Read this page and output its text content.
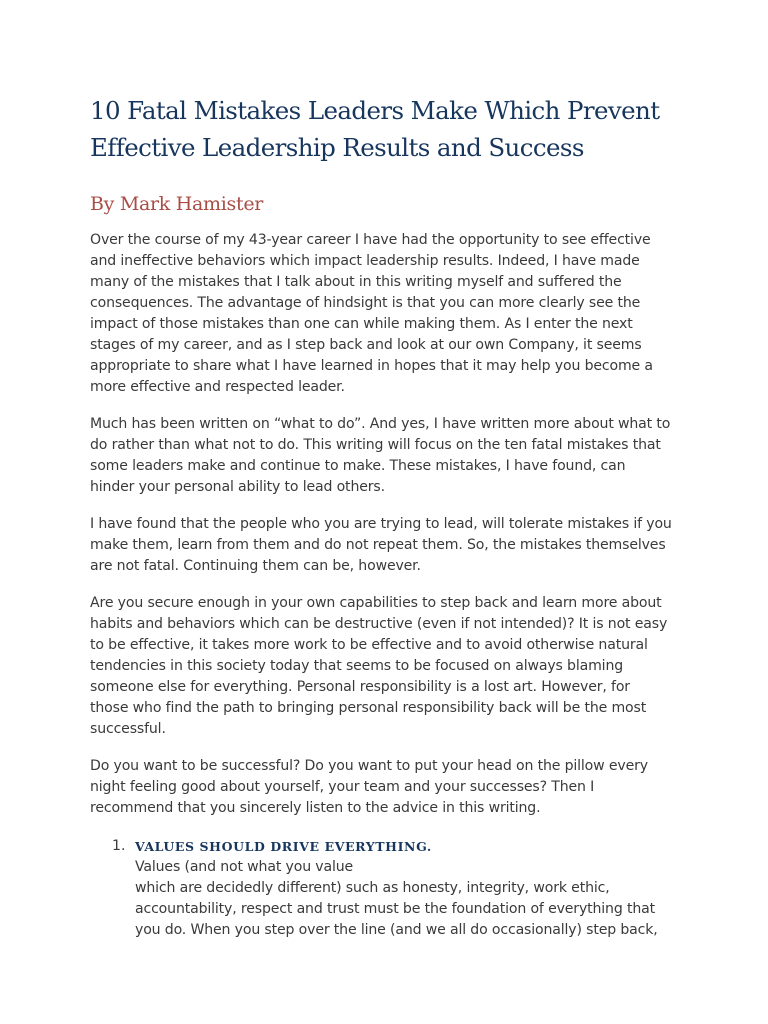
10 Fatal Mistakes Leaders Make Which Prevent
Effective Leadership Results and Success
By Mark Hamister

Over the course of my 43-year career I have had the opportunity to see effective
and ineffective behaviors which impact leadership results. Indeed, I have made
many of the mistakes that I talk about in this writing myself and suffered the
consequences. The advantage of hindsight is that you can more clearly see the
impact of those mistakes than one can while making them. As I enter the next
stages of my career, and as I step back and look at our own Company, it seems
appropriate to share what I have learned in hopes that it may help you become a
more effective and respected leader.

Much has been written on “what to do”. And yes, I have written more about what to
do rather than what not to do. This writing will focus on the ten fatal mistakes that
some leaders make and continue to make. These mistakes, I have found, can
hinder your personal ability to lead others.

I have found that the people who you are trying to lead, will tolerate mistakes if you
make them, learn from them and do not repeat them. So, the mistakes themselves
are not fatal. Continuing them can be, however.

Are you secure enough in your own capabilities to step back and learn more about
habits and behaviors which can be destructive (even if not intended)? It is not easy
to be effective, it takes more work to be effective and to avoid otherwise natural
tendencies in this society today that seems to be focused on always blaming
someone else for everything. Personal responsibility is a lost art. However, for
those who find the path to bringing personal responsibility back will be the most
successful.

Do you want to be successful? Do you want to put your head on the pillow every
night feeling good about yourself, your team and your successes? Then I
recommend that you sincerely listen to the advice in this writing.

1. VALUES SHOULD DRIVE EVERYTHING.
Values (and not what you value
which are decidedly different) such as honesty, integrity, work ethic,
accountability, respect and trust must be the foundation of everything that
you do. When you step over the line (and we all do occasionally) step back,
